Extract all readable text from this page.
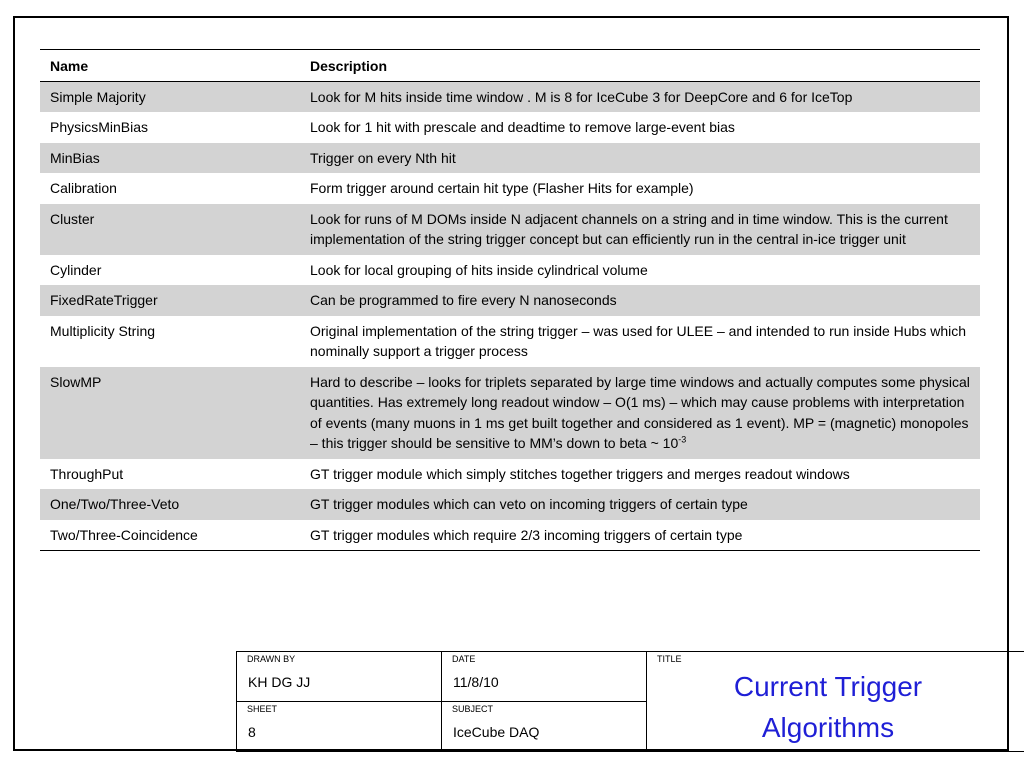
Name	Description
Simple Majority	Look for M hits inside time window . M is 8 for IceCube 3 for DeepCore and 6 for IceTop
PhysicsMinBias	Look for 1 hit with prescale and deadtime to remove large-event bias
MinBias	Trigger on every Nth hit
Calibration	Form trigger around certain hit type (Flasher Hits for example)
Cluster	Look for runs of M DOMs inside N adjacent channels on a string and in time window. This is the current implementation of the string trigger concept but can efficiently run in the central in-ice trigger unit
Cylinder	Look for local grouping of hits inside cylindrical volume
FixedRateTrigger	Can be programmed to fire every N nanoseconds
Multiplicity String	Original implementation of the string trigger – was used for ULEE – and intended to run inside Hubs which nominally support a trigger process
SlowMP	Hard to describe – looks for triplets separated by large time windows and actually computes some physical quantities. Has extremely long readout window – O(1 ms) – which may cause problems with interpretation of events (many muons in 1 ms get built together and considered as 1 event). MP = (magnetic) monopoles – this trigger should be sensitive to MM’s down to beta ~ $10^{-3}$
ThroughPut	GT trigger module which simply stitches together triggers and merges readout windows
One/Two/Three-Veto	GT trigger modules which can veto on incoming triggers of certain type
Two/Three-Coincidence	GT trigger modules which require 2/3 incoming triggers of certain type
DRAWN BY
KH DG JJ
DATE
11/8/10
SHEET
8
SUBJECT
IceCube DAQ
TITLE
Current Trigger
Algorithms
